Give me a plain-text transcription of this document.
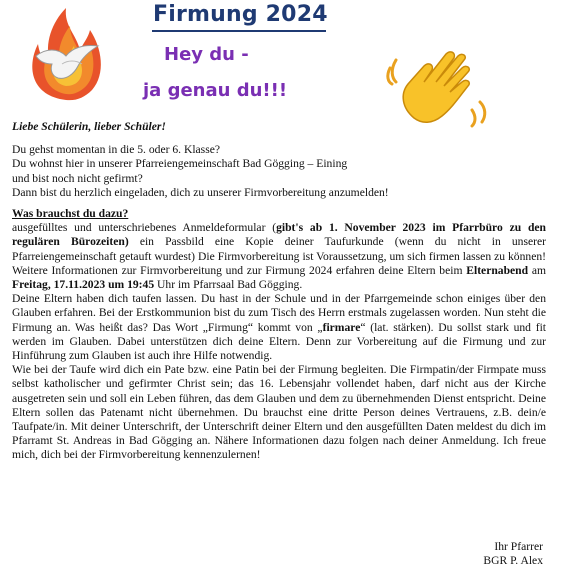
Firmung 2024
Hey du -
ja genau du!!!

Liebe Schülerin, lieber Schüler!

Du gehst momentan in die 5. oder 6. Klasse?
Du wohnst hier in unserer Pfarreiengemeinschaft Bad Gögging – Eining
und bist noch nicht gefirmt?
Dann bist du herzlich eingeladen, dich zu unserer Firmvorbereitung anzumelden!

Was brauchst du dazu?

ausgefülltes und unterschriebenes Anmeldeformular (gibt's ab 1. November 2023 im Pfarrbüro zu den regulären Bürozeiten) ein Passbild eine Kopie deiner Taufurkunde (wenn du nicht in unserer Pfarreiengemeinschaft getauft wurdest) Die Firmvorbereitung ist Voraussetzung, um sich firmen lassen zu können! Weitere Informationen zur Firmvorbereitung und zur Firmung 2024 erfahren deine Eltern beim Elternabend am Freitag, 17.11.2023 um 19:45 Uhr im Pfarrsaal Bad Gögging.

Deine Eltern haben dich taufen lassen. Du hast in der Schule und in der Pfarrgemeinde schon einiges über den Glauben erfahren. Bei der Erstkommunion bist du zum Tisch des Herrn erstmals zugelassen worden. Nun steht die Firmung an. Was heißt das? Das Wort „Firmung“ kommt von „firmare“ (lat. stärken). Du sollst stark und fit werden im Glauben. Dabei unterstützen dich deine Eltern. Denn zur Vorbereitung auf die Firmung und zur Hinführung zum Glauben ist auch ihre Hilfe notwendig.

Wie bei der Taufe wird dich ein Pate bzw. eine Patin bei der Firmung begleiten. Die Firmpatin/der Firmpate muss selbst katholischer und gefirmter Christ sein; das 16. Lebensjahr vollendet haben, darf nicht aus der Kirche ausgetreten sein und soll ein Leben führen, das dem Glauben und dem zu übernehmenden Dienst entspricht. Deine Eltern sollen das Patenamt nicht übernehmen. Du brauchst eine dritte Person deines Vertrauens, z.B. dein/e Taufpate/in. Mit deiner Unterschrift, der Unterschrift deiner Eltern und den ausgefüllten Daten meldest du dich im Pfarramt St. Andreas in Bad Gögging an. Nähere Informationen dazu folgen nach deiner Anmeldung. Ich freue mich, dich bei der Firmvorbereitung kennenzulernen!

Ihr Pfarrer
BGR P. Alex
